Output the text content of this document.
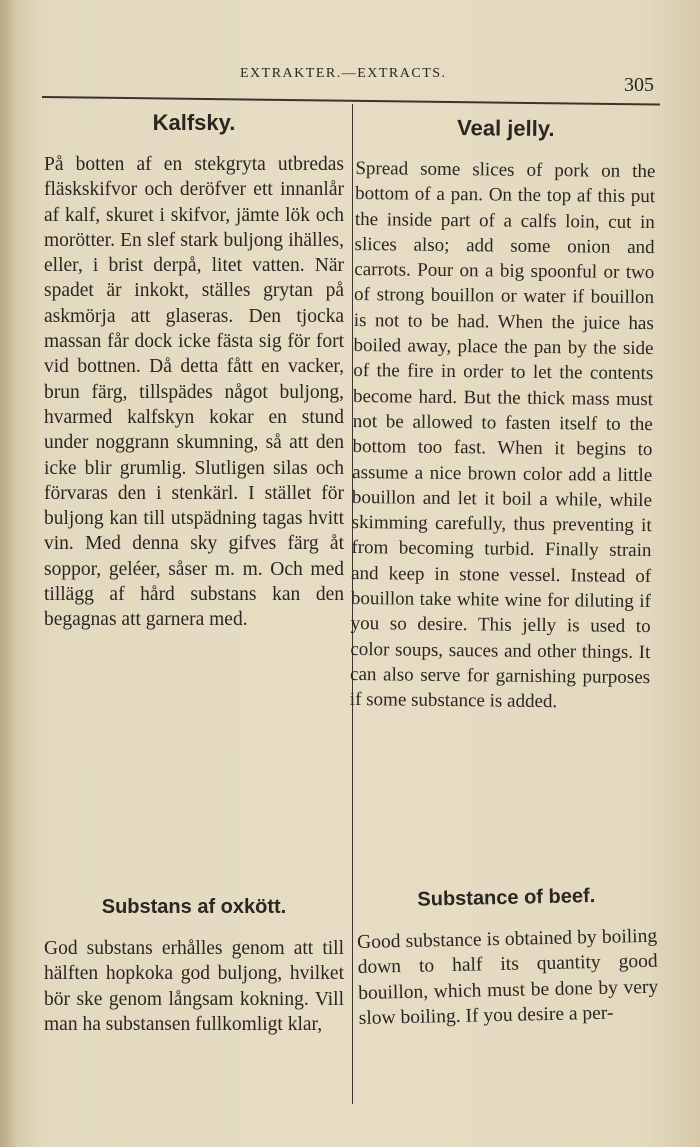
EXTRAKTER.—EXTRACTS.
305
Kalfsky.

På botten af en stekgryta utbredas fläskskifvor och deröfver ett innanlår af kalf, skuret i skifvor, jämte lök och morötter. En slef stark buljong ihälles, eller, i brist derpå, litet vatten. När spadet är inkokt, ställes grytan på askmörja att glaseras. Den tjocka massan får dock icke fästa sig för fort vid bottnen. Då detta fått en vacker, brun färg, tillspädes något buljong, hvarmed kalfskyn kokar en stund under noggrann skumning, så att den icke blir grumlig. Slutligen silas och förvaras den i stenkärl. I stället för buljong kan till utspädning tagas hvitt vin. Med denna sky gifves färg åt soppor, geléer, såser m. m. Och med tillägg af hård substans kan den begagnas att garnera med.

Veal jelly.

Spread some slices of pork on the bottom of a pan. On the top af this put the inside part of a calfs loin, cut in slices also; add some onion and carrots. Pour on a big spoonful or two of strong bouillon or water if bouillon is not to be had. When the juice has boiled away, place the pan by the side of the fire in order to let the contents become hard. But the thick mass must not be allowed to fasten itself to the bottom too fast. When it begins to assume a nice brown color add a little bouillon and let it boil a while, while skimming carefully, thus preventing it from becoming turbid. Finally strain and keep in stone vessel. Instead of bouillon take white wine for diluting if you so desire. This jelly is used to color soups, sauces and other things. It can also serve for garnishing purposes if some substance is added.

Substans af oxkött.

God substans erhålles genom att till hälften hopkoka god buljong, hvilket bör ske genom långsam kokning. Vill man ha substansen fullkomligt klar,

Substance of beef.

Good substance is obtained by boiling down to half its quantity good bouillon, which must be done by very slow boiling. If you desire a per-
